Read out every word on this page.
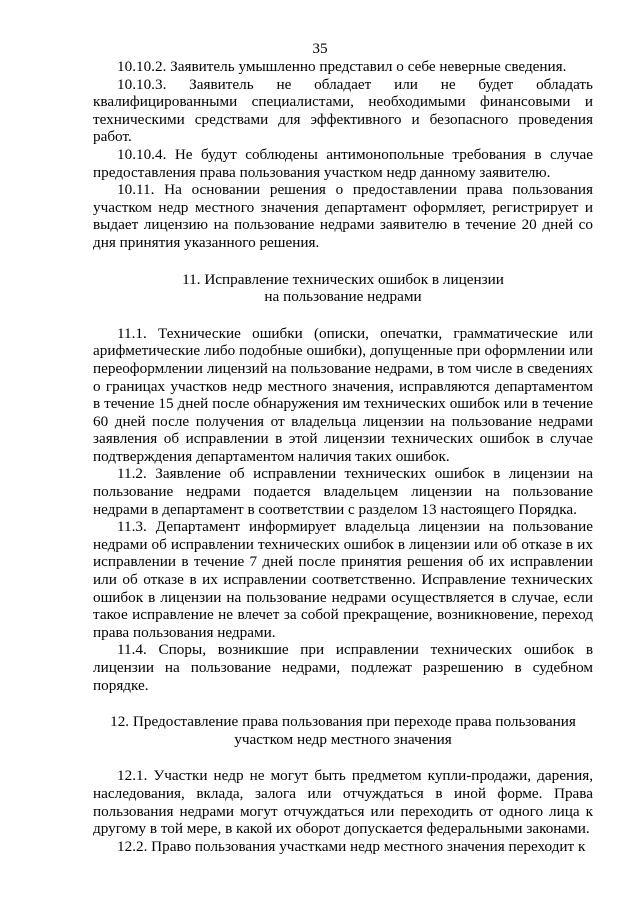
35

10.10.2. Заявитель умышленно представил о себе неверные сведения.

10.10.3. Заявитель не обладает или не будет обладать квалифицированными специалистами, необходимыми финансовыми и техническими средствами для эффективного и безопасного проведения работ.

10.10.4. Не будут соблюдены антимонопольные требования в случае предоставления права пользования участком недр данному заявителю.

10.11. На основании решения о предоставлении права пользования участком недр местного значения департамент оформляет, регистрирует и выдает лицензию на пользование недрами заявителю в течение 20 дней со дня принятия указанного решения.

11. Исправление технических ошибок в лицензии
на пользование недрами

11.1. Технические ошибки (описки, опечатки, грамматические или арифметические либо подобные ошибки), допущенные при оформлении или переоформлении лицензий на пользование недрами, в том числе в сведениях о границах участков недр местного значения, исправляются департаментом в течение 15 дней после обнаружения им технических ошибок или в течение 60 дней после получения от владельца лицензии на пользование недрами заявления об исправлении в этой лицензии технических ошибок в случае подтверждения департаментом наличия таких ошибок.

11.2. Заявление об исправлении технических ошибок в лицензии на пользование недрами подается владельцем лицензии на пользование недрами в департамент в соответствии с разделом 13 настоящего Порядка.

11.3. Департамент информирует владельца лицензии на пользование недрами об исправлении технических ошибок в лицензии или об отказе в их исправлении в течение 7 дней после принятия решения об их исправлении или об отказе в их исправлении соответственно. Исправление технических ошибок в лицензии на пользование недрами осуществляется в случае, если такое исправление не влечет за собой прекращение, возникновение, переход права пользования недрами.

11.4. Споры, возникшие при исправлении технических ошибок в лицензии на пользование недрами, подлежат разрешению в судебном порядке.

12. Предоставление права пользования при переходе права пользования
участком недр местного значения

12.1. Участки недр не могут быть предметом купли-продажи, дарения, наследования, вклада, залога или отчуждаться в иной форме. Права пользования недрами могут отчуждаться или переходить от одного лица к другому в той мере, в какой их оборот допускается федеральными законами.

12.2. Право пользования участками недр местного значения переходит к
